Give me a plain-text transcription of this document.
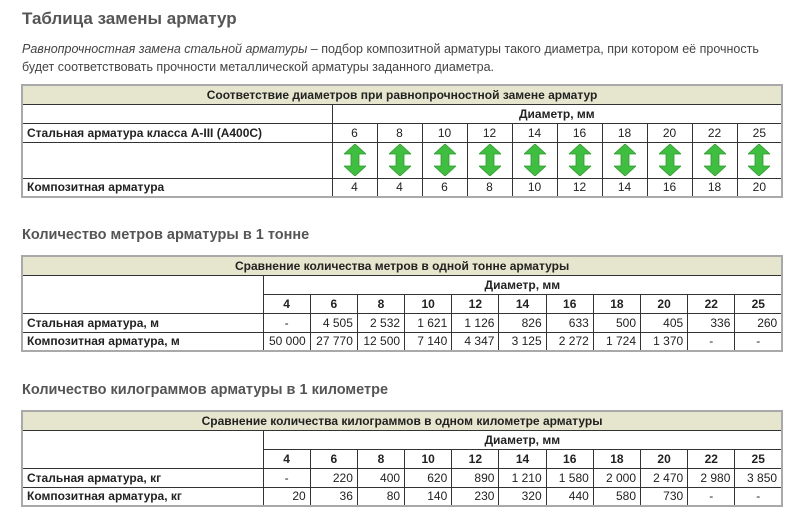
Таблица замены арматур

Равнопрочностная замена стальной арматуры – подбор композитной арматуры такого диаметра, при котором её прочность будет соответствовать прочности металлической арматуры заданного диаметра.

Соответствие диаметров при равнопрочностной замене арматур										
	Диаметр, мм									
Стальная арматура класса А-III (А400С)	6	8	10	12	14	16	18	20	22	25

Композитная арматура	4	4	6	8	10	12	14	16	18	20
Количество метров арматуры в 1 тонне
Сравнение количества метров в одной тонне арматуры											
	Диаметр, мм										
	4	6	8	10	12	14	16	18	20	22	25
Стальная арматура, м	-	4 505	2 532	1 621	1 126	826	633	500	405	336	260
Композитная арматура, м	50 000	27 770	12 500	7 140	4 347	3 125	2 272	1 724	1 370	-	-
Количество килограммов арматуры в 1 километре
Сравнение количества килограммов в одном километре арматуры											
	Диаметр, мм										
	4	6	8	10	12	14	16	18	20	22	25
Стальная арматура, кг	-	220	400	620	890	1 210	1 580	2 000	2 470	2 980	3 850
Композитная арматура, кг	20	36	80	140	230	320	440	580	730	-	-
